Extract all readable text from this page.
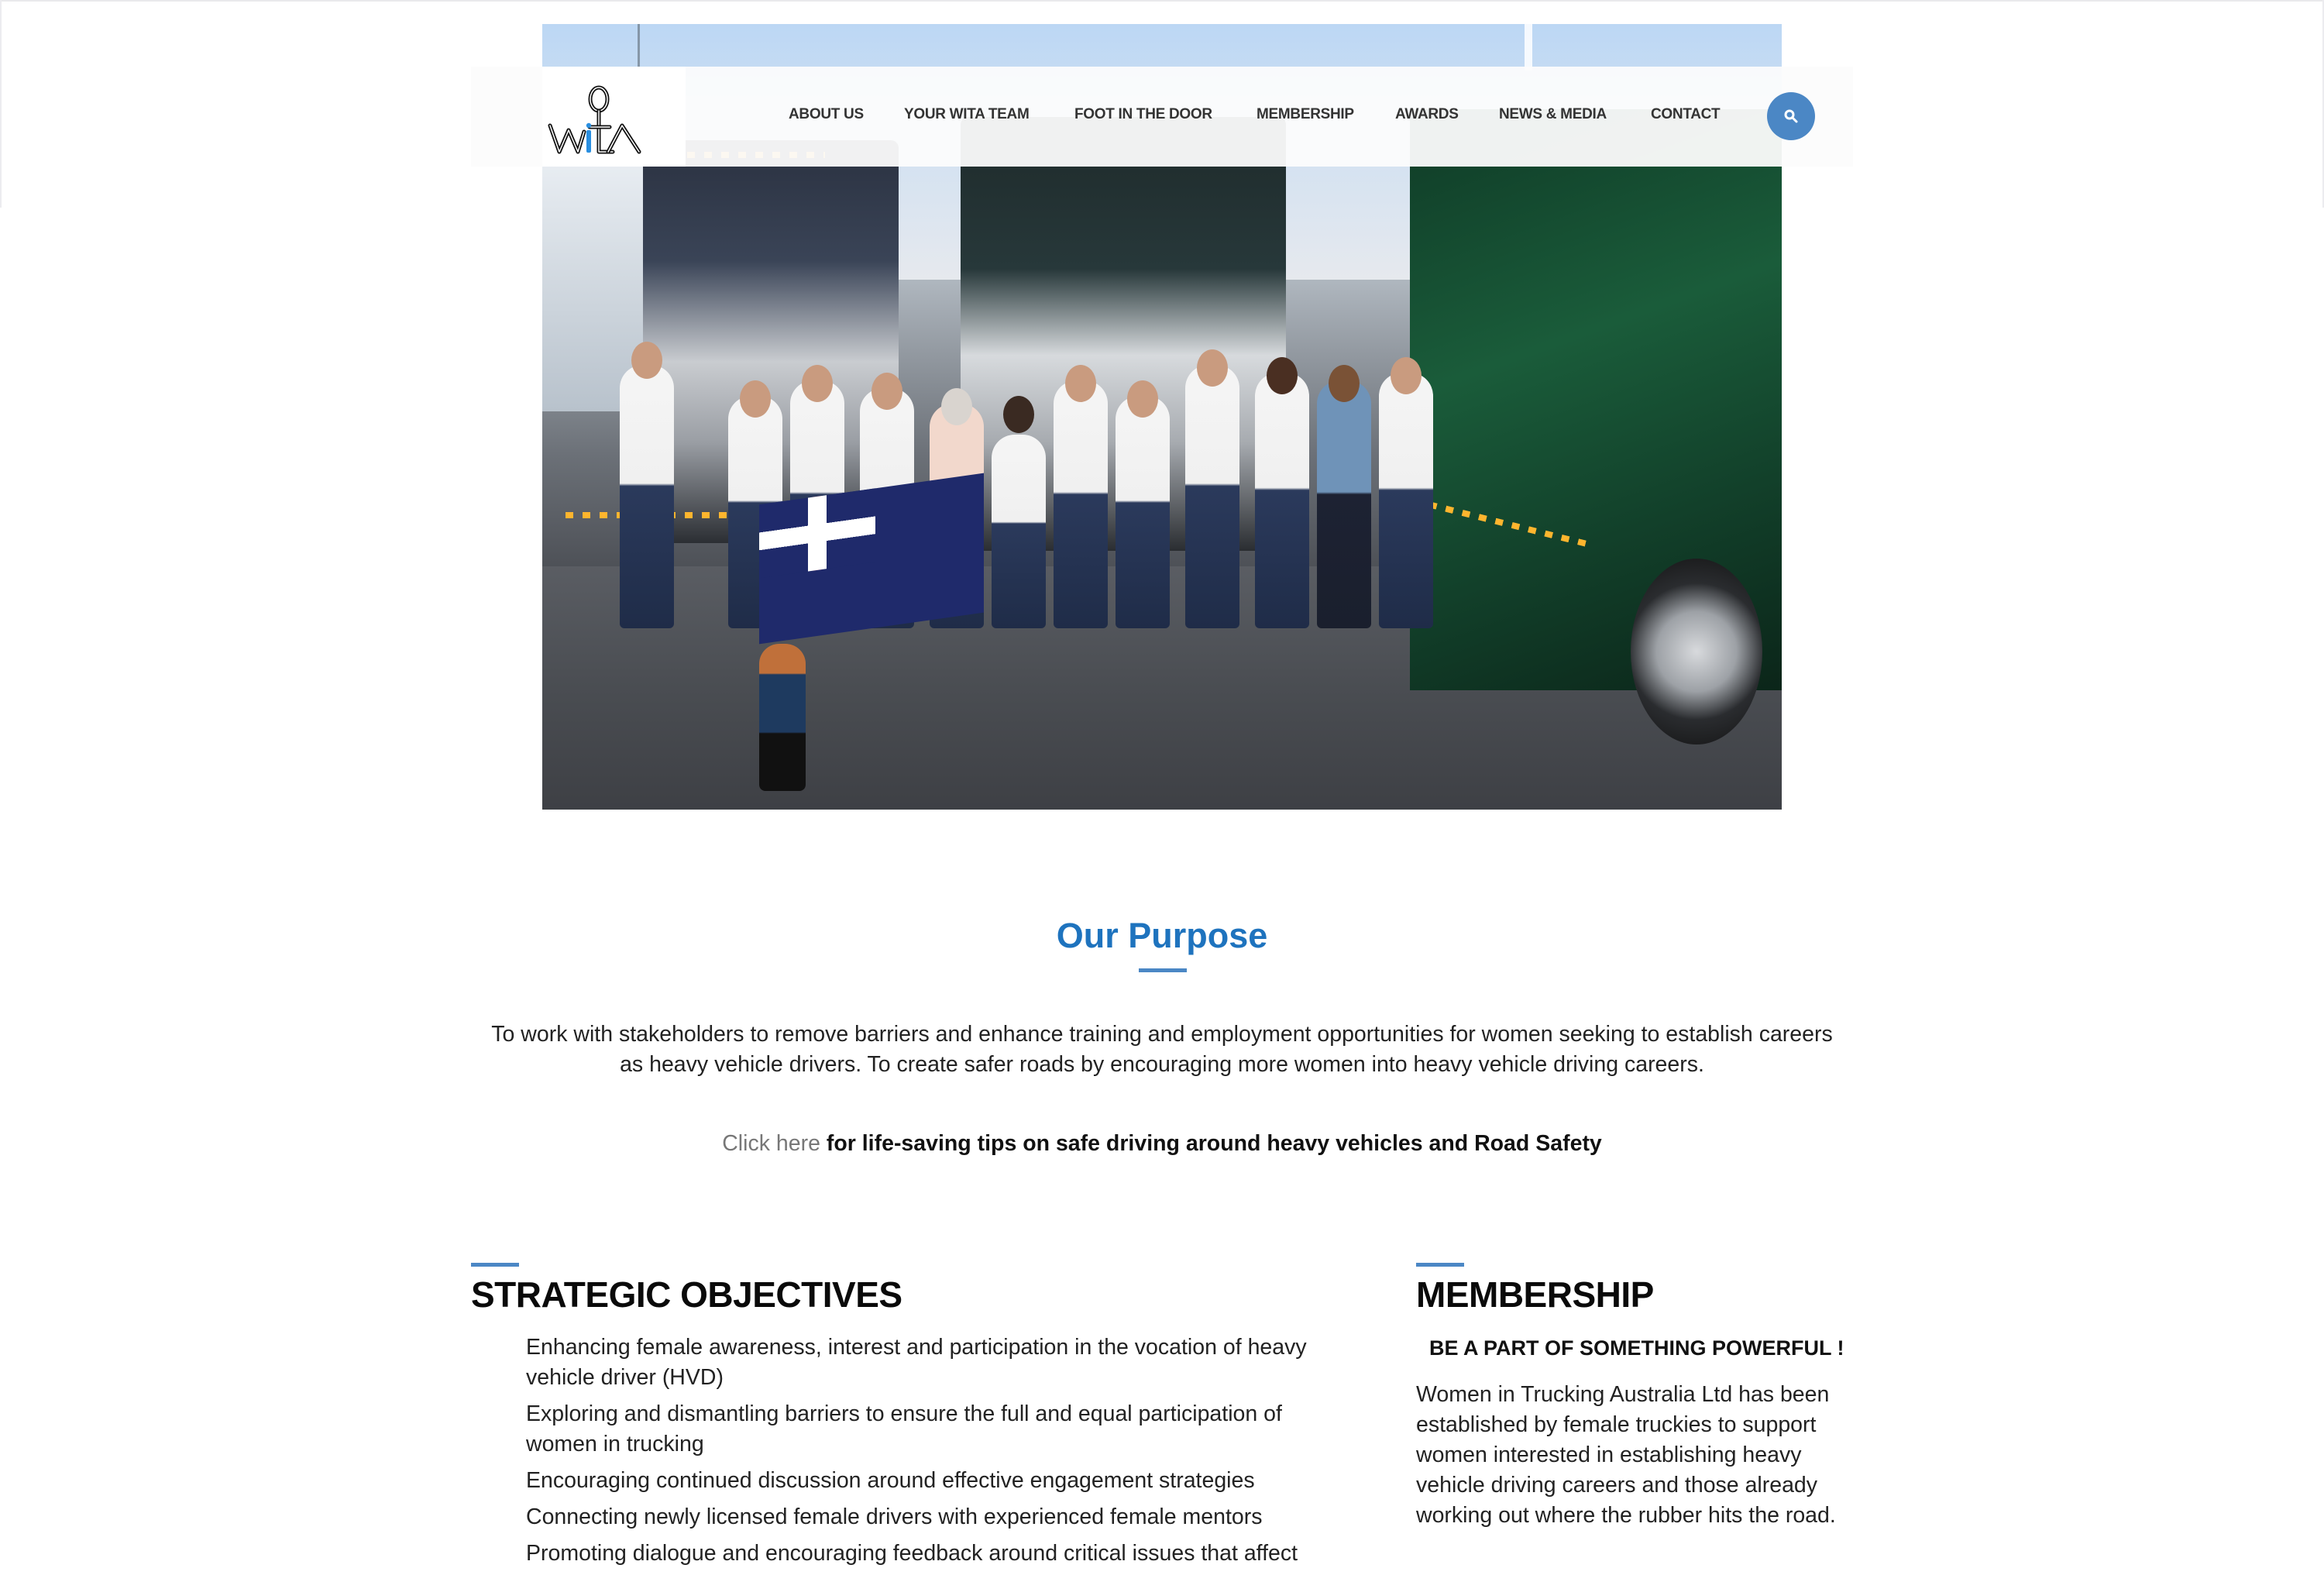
ABOUT US	YOUR WITA TEAM	FOOT IN THE DOOR	MEMBERSHIP	AWARDS	NEWS & MEDIA	CONTACT
Our Purpose

To work with stakeholders to remove barriers and enhance training and employment opportunities for women seeking to establish careers as heavy vehicle drivers. To create safer roads by encouraging more women into heavy vehicle driving careers.

Click here for life-saving tips on safe driving around heavy vehicles and Road Safety

STRATEGIC OBJECTIVES
Enhancing female awareness, interest and participation in the vocation of heavy vehicle driver (HVD)
Exploring and dismantling barriers to ensure the full and equal participation of women in trucking
Encouraging continued discussion around effective engagement strategies
Connecting newly licensed female drivers with experienced female mentors
Promoting dialogue and encouraging feedback around critical issues that affect
MEMBERSHIP
BE A PART OF SOMETHING POWERFUL !

Women in Trucking Australia Ltd has been established by female truckies to support women interested in establishing heavy vehicle driving careers and those already working out where the rubber hits the road.
